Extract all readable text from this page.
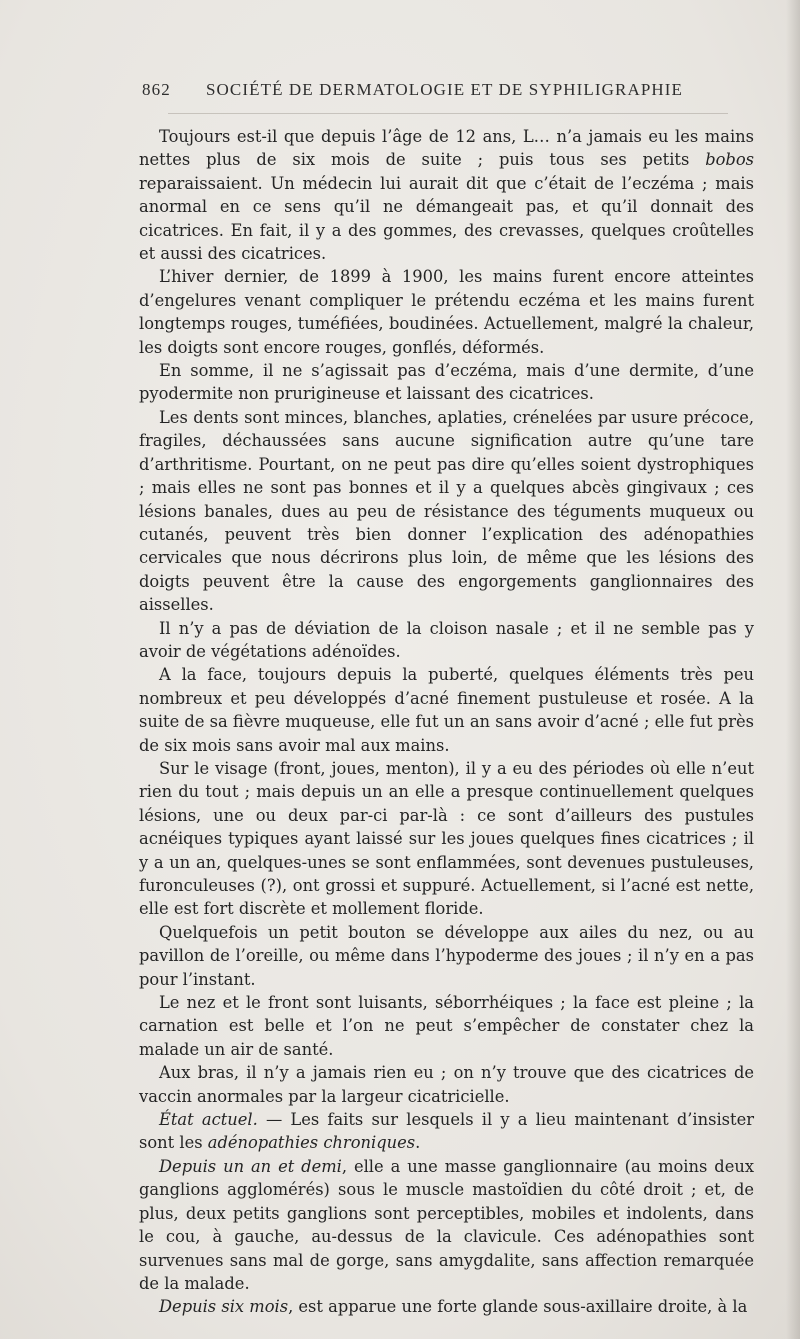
862 SOCIÉTÉ DE DERMATOLOGIE ET DE SYPHILIGRAPHIE

Toujours est-il que depuis l’âge de 12 ans, L… n’a jamais eu les mains nettes plus de six mois de suite ; puis tous ses petits bobos reparaissaient. Un médecin lui aurait dit que c’était de l’eczéma ; mais anormal en ce sens qu’il ne démangeait pas, et qu’il donnait des cicatrices. En fait, il y a des gommes, des crevasses, quelques croûtelles et aussi des cicatrices.

L’hiver dernier, de 1899 à 1900, les mains furent encore atteintes d’engelures venant compliquer le prétendu eczéma et les mains furent longtemps rouges, tuméfiées, boudinées. Actuellement, malgré la chaleur, les doigts sont encore rouges, gonflés, déformés.

En somme, il ne s’agissait pas d’eczéma, mais d’une dermite, d’une pyodermite non prurigineuse et laissant des cicatrices.

Les dents sont minces, blanches, aplaties, crénelées par usure précoce, fragiles, déchaussées sans aucune signification autre qu’une tare d’arthritisme. Pourtant, on ne peut pas dire qu’elles soient dystrophiques ; mais elles ne sont pas bonnes et il y a quelques abcès gingivaux ; ces lésions banales, dues au peu de résistance des téguments muqueux ou cutanés, peuvent très bien donner l’explication des adénopathies cervicales que nous décrirons plus loin, de même que les lésions des doigts peuvent être la cause des engorgements ganglionnaires des aisselles.

Il n’y a pas de déviation de la cloison nasale ; et il ne semble pas y avoir de végétations adénoïdes.

A la face, toujours depuis la puberté, quelques éléments très peu nombreux et peu développés d’acné finement pustuleuse et rosée. A la suite de sa fièvre muqueuse, elle fut un an sans avoir d’acné ; elle fut près de six mois sans avoir mal aux mains.

Sur le visage (front, joues, menton), il y a eu des périodes où elle n’eut rien du tout ; mais depuis un an elle a presque continuellement quelques lésions, une ou deux par-ci par-là : ce sont d’ailleurs des pustules acnéiques typiques ayant laissé sur les joues quelques fines cicatrices ; il y a un an, quelques-unes se sont enflammées, sont devenues pustuleuses, furonculeuses (?), ont grossi et suppuré. Actuellement, si l’acné est nette, elle est fort discrète et mollement floride.

Quelquefois un petit bouton se développe aux ailes du nez, ou au pavillon de l’oreille, ou même dans l’hypoderme des joues ; il n’y en a pas pour l’instant.

Le nez et le front sont luisants, séborrhéiques ; la face est pleine ; la carnation est belle et l’on ne peut s’empêcher de constater chez la malade un air de santé.

Aux bras, il n’y a jamais rien eu ; on n’y trouve que des cicatrices de vaccin anormales par la largeur cicatricielle.

État actuel. — Les faits sur lesquels il y a lieu maintenant d’insister sont les adénopathies chroniques.

Depuis un an et demi, elle a une masse ganglionnaire (au moins deux ganglions agglomérés) sous le muscle mastoïdien du côté droit ; et, de plus, deux petits ganglions sont perceptibles, mobiles et indolents, dans le cou, à gauche, au-dessus de la clavicule. Ces adénopathies sont survenues sans mal de gorge, sans amygdalite, sans affection remarquée de la malade.

Depuis six mois, est apparue une forte glande sous-axillaire droite, à la
